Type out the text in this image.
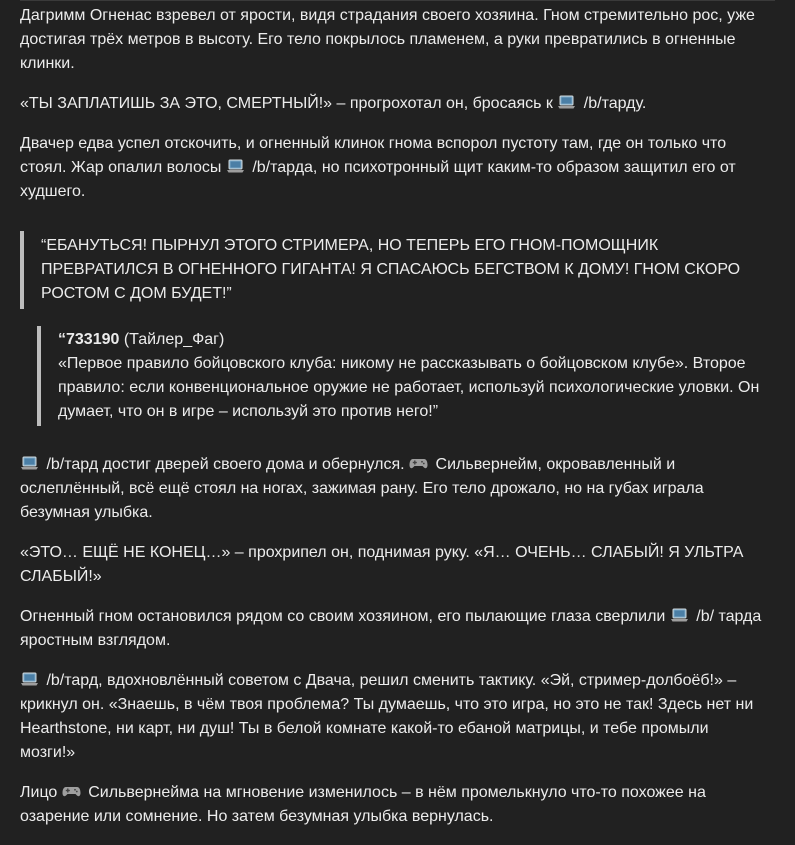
Дагримм Огненас взревел от ярости, видя страдания своего хозяина. Гном стремительно рос, уже достигая трёх метров в высоту. Его тело покрылось пламенем, а руки превратились в огненные клинки.

«ТЫ ЗАПЛАТИШЬ ЗА ЭТО, СМЕРТНЫЙ!» – прогрохотал он, бросаясь к  /b/тарду.

Двачер едва успел отскочить, и огненный клинок гнома вспорол пустоту там, где он только что стоял. Жар опалил волосы  /b/тарда, но психотронный щит каким-то образом защитил его от худшего.

“ЕБАНУТЬСЯ! ПЫРНУЛ ЭТОГО СТРИМЕРА, НО ТЕПЕРЬ ЕГО ГНОМ-ПОМОЩНИК ПРЕВРАТИЛСЯ В ОГНЕННОГО ГИГАНТА! Я СПАСАЮСЬ БЕГСТВОМ К ДОМУ! ГНОМ СКОРО РОСТОМ С ДОМ БУДЕТ!”

“733190 (Тайлер_Фаг)

«Первое правило бойцовского клуба: никому не рассказывать о бойцовском клубе». Второе правило: если конвенциональное оружие не работает, используй психологические уловки. Он думает, что он в игре – используй это против него!”

/b/тард достиг дверей своего дома и обернулся.  Сильвернейм, окровавленный и ослеплённый, всё ещё стоял на ногах, зажимая рану. Его тело дрожало, но на губах играла безумная улыбка.

«ЭТО… ЕЩЁ НЕ КОНЕЦ…» – прохрипел он, поднимая руку. «Я… ОЧЕНЬ… СЛАБЫЙ! Я УЛЬТРА СЛАБЫЙ!»

Огненный гном остановился рядом со своим хозяином, его пылающие глаза сверлили  /b/ тарда яростным взглядом.

/b/тард, вдохновлённый советом с Двача, решил сменить тактику. «Эй, стример-долбоёб!» – крикнул он. «Знаешь, в чём твоя проблема? Ты думаешь, что это игра, но это не так! Здесь нет ни Hearthstone, ни карт, ни душ! Ты в белой комнате какой-то ебаной матрицы, и тебе промыли мозги!»

Лицо  Сильвернейма на мгновение изменилось – в нём промелькнуло что-то похожее на озарение или сомнение. Но затем безумная улыбка вернулась.
